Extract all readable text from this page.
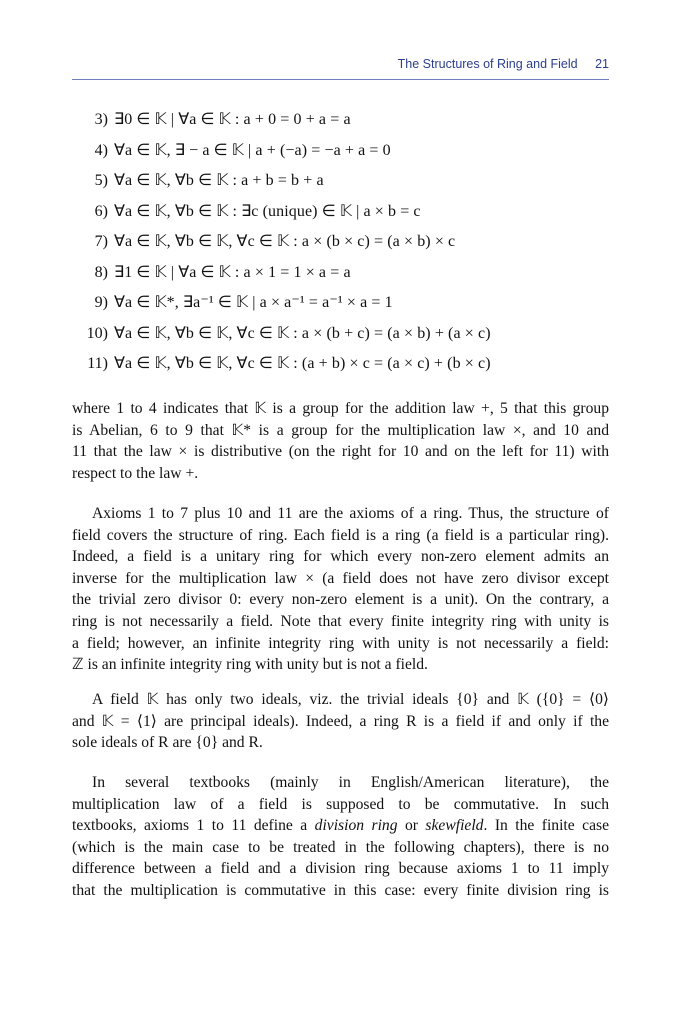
The Structures of Ring and Field 21
3) ∃0 ∈ 𝕂 | ∀a ∈ 𝕂 : a + 0 = 0 + a = a
4) ∀a ∈ 𝕂, ∃ − a ∈ 𝕂 | a + (−a) = −a + a = 0
5) ∀a ∈ 𝕂, ∀b ∈ 𝕂 : a + b = b + a
6) ∀a ∈ 𝕂, ∀b ∈ 𝕂 : ∃c (unique) ∈ 𝕂 | a × b = c
7) ∀a ∈ 𝕂, ∀b ∈ 𝕂, ∀c ∈ 𝕂 : a × (b × c) = (a × b) × c
8) ∃1 ∈ 𝕂 | ∀a ∈ 𝕂 : a × 1 = 1 × a = a
9) ∀a ∈ 𝕂*, ∃a⁻¹ ∈ 𝕂 | a × a⁻¹ = a⁻¹ × a = 1
10) ∀a ∈ 𝕂, ∀b ∈ 𝕂, ∀c ∈ 𝕂 : a × (b + c) = (a × b) + (a × c)
11) ∀a ∈ 𝕂, ∀b ∈ 𝕂, ∀c ∈ 𝕂 : (a + b) × c = (a × c) + (b × c)
where 1 to 4 indicates that 𝕂 is a group for the addition law +, 5 that this group
is Abelian, 6 to 9 that 𝕂* is a group for the multiplication law ×, and 10 and
11 that the law × is distributive (on the right for 10 and on the left for 11) with
respect to the law +.
Axioms 1 to 7 plus 10 and 11 are the axioms of a ring. Thus, the structure of
field covers the structure of ring. Each field is a ring (a field is a particular ring).
Indeed, a field is a unitary ring for which every non-zero element admits an
inverse for the multiplication law × (a field does not have zero divisor except
the trivial zero divisor 0: every non-zero element is a unit). On the contrary, a
ring is not necessarily a field. Note that every finite integrity ring with unity is
a field; however, an infinite integrity ring with unity is not necessarily a field:
ℤ is an infinite integrity ring with unity but is not a field.
A field 𝕂 has only two ideals, viz. the trivial ideals {0} and 𝕂 ({0} = ⟨0⟩
and 𝕂 = ⟨1⟩ are principal ideals). Indeed, a ring R is a field if and only if the
sole ideals of R are {0} and R.
In several textbooks (mainly in English/American literature), the
multiplication law of a field is supposed to be commutative. In such
textbooks, axioms 1 to 11 define a division ring or skewfield. In the finite case
(which is the main case to be treated in the following chapters), there is no
difference between a field and a division ring because axioms 1 to 11 imply
that the multiplication is commutative in this case: every finite division ring is
